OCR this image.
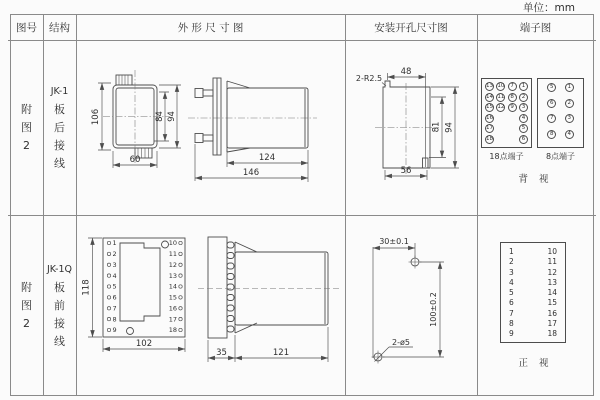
单位：mm
图号	结构	外 形 尺 寸 图	安装开孔尺寸图	端子图
附图2
JK-1
板后接线
106	84 94
60	124
146
2-R2.5
48
81 94
56
13
14
15
16
17
18
10
11
12
7
8
9
1
2
3
4
5
6
5
6
7
8
1
2
3
4
18点端子	8点端子
背 视
附图2
JK-1Q
板前接线
1
2
3
4
5
6
7
8
9
10
11
12
13
14
15
16
17
18
118
102
35	121
30±0.1
100±0.2
2-ø5
1
2
3
4
5
6
7
8
9
10
11
12
13
14
15
16
17
18
正 视
